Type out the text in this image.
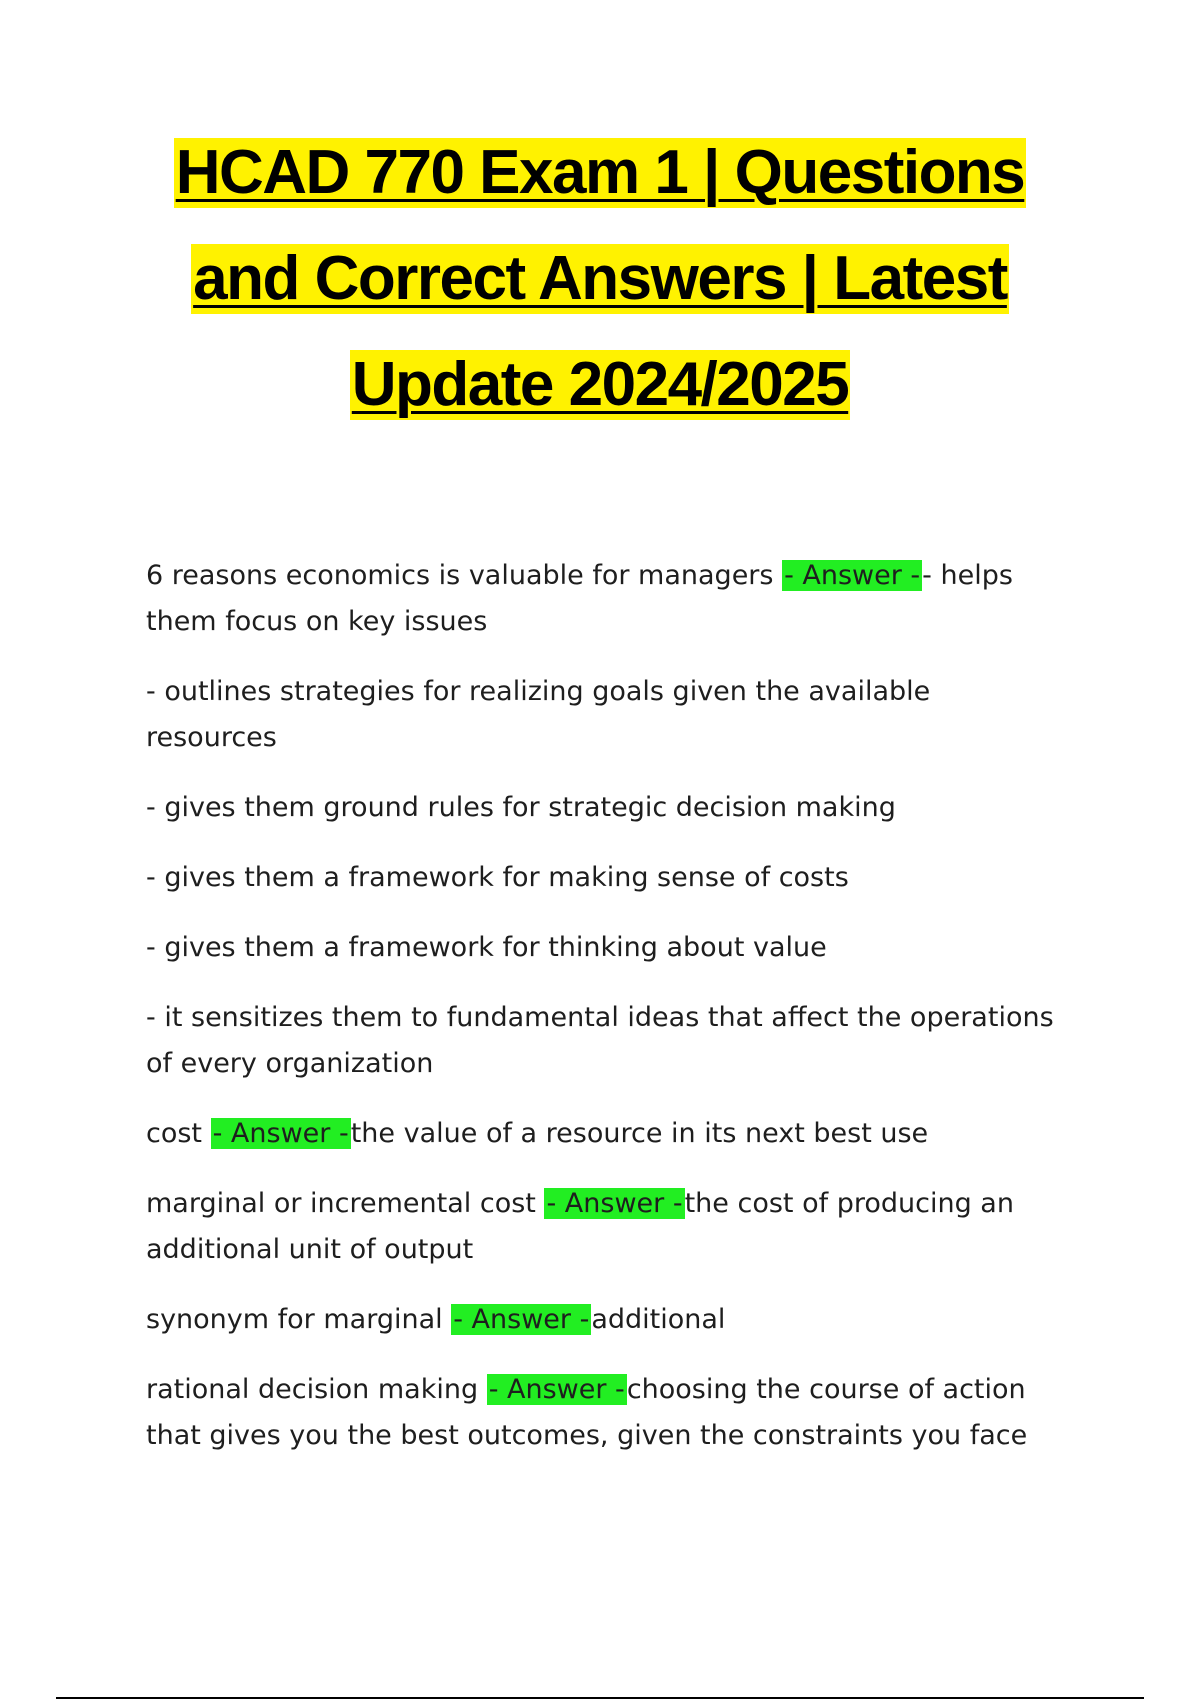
HCAD 770 Exam 1 | Questions
and Correct Answers | Latest
Update 2024/2025

6 reasons economics is valuable for managers - Answer -- helps them focus on key issues

- outlines strategies for realizing goals given the available resources

- gives them ground rules for strategic decision making

- gives them a framework for making sense of costs

- gives them a framework for thinking about value

- it sensitizes them to fundamental ideas that affect the operations of every organization

cost - Answer -the value of a resource in its next best use

marginal or incremental cost - Answer -the cost of producing an additional unit of output

synonym for marginal - Answer -additional

rational decision making - Answer -choosing the course of action that gives you the best outcomes, given the constraints you face
